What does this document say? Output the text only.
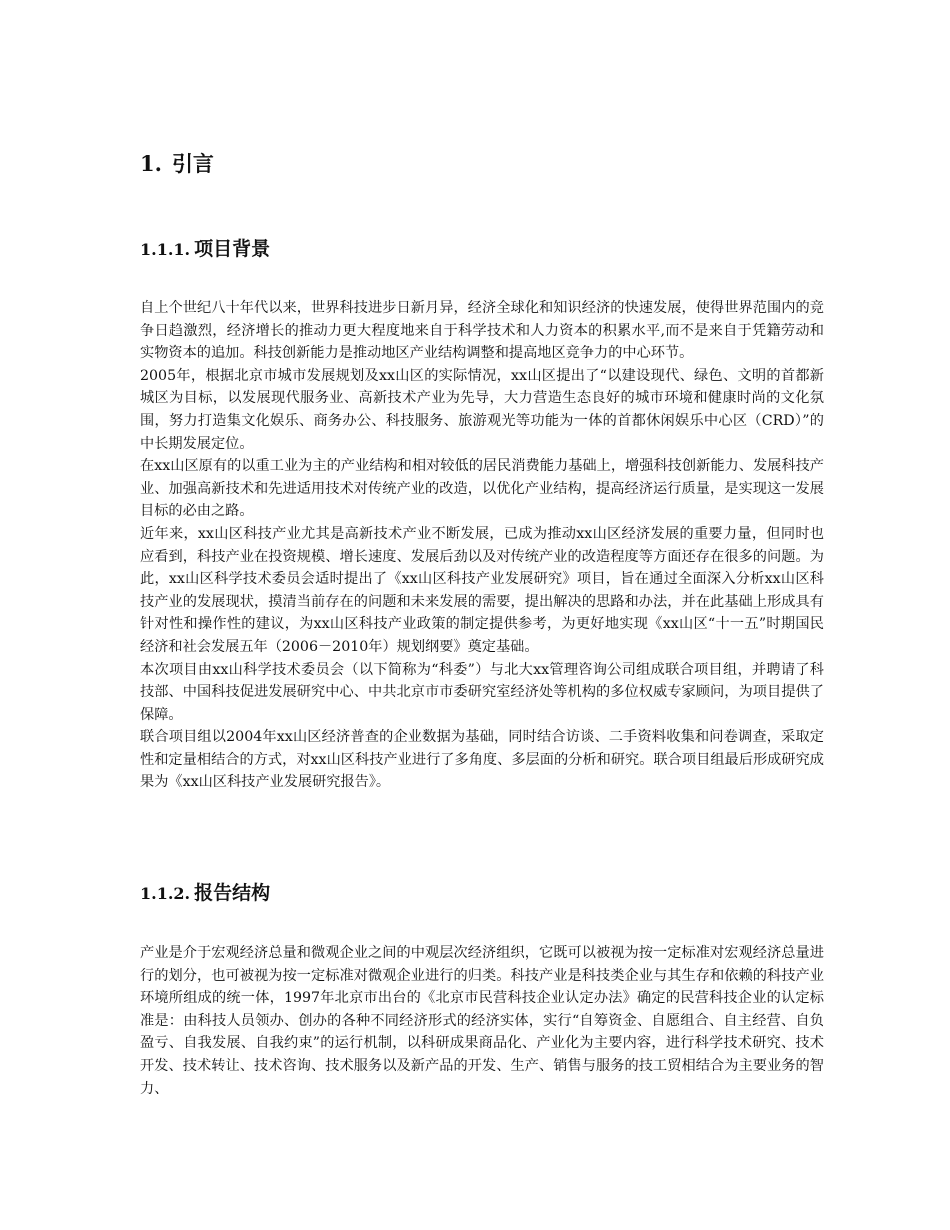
1. 引言
1.1.1. 项目背景

自上个世纪八十年代以来，世界科技进步日新月异，经济全球化和知识经济的快速发展，使得世界范围内的竞争日趋激烈，经济增长的推动力更大程度地来自于科学技术和人力资本的积累水平,而不是来自于凭籍劳动和实物资本的追加。科技创新能力是推动地区产业结构调整和提高地区竞争力的中心环节。

2005年，根据北京市城市发展规划及xx山区的实际情况，xx山区提出了“以建设现代、绿色、文明的首都新城区为目标，以发展现代服务业、高新技术产业为先导，大力营造生态良好的城市环境和健康时尚的文化氛围，努力打造集文化娱乐、商务办公、科技服务、旅游观光等功能为一体的首都休闲娱乐中心区（CRD）”的中长期发展定位。

在xx山区原有的以重工业为主的产业结构和相对较低的居民消费能力基础上，增强科技创新能力、发展科技产业、加强高新技术和先进适用技术对传统产业的改造，以优化产业结构，提高经济运行质量，是实现这一发展目标的必由之路。

近年来，xx山区科技产业尤其是高新技术产业不断发展，已成为推动xx山区经济发展的重要力量，但同时也应看到，科技产业在投资规模、增长速度、发展后劲以及对传统产业的改造程度等方面还存在很多的问题。为此，xx山区科学技术委员会适时提出了《xx山区科技产业发展研究》项目，旨在通过全面深入分析xx山区科技产业的发展现状，摸清当前存在的问题和未来发展的需要，提出解决的思路和办法，并在此基础上形成具有针对性和操作性的建议，为xx山区科技产业政策的制定提供参考，为更好地实现《xx山区“十一五”时期国民经济和社会发展五年（2006－2010年）规划纲要》奠定基础。

本次项目由xx山科学技术委员会（以下简称为“科委”）与北大xx管理咨询公司组成联合项目组，并聘请了科技部、中国科技促进发展研究中心、中共北京市市委研究室经济处等机构的多位权威专家顾问，为项目提供了保障。

联合项目组以2004年xx山区经济普查的企业数据为基础，同时结合访谈、二手资料收集和问卷调查，采取定性和定量相结合的方式，对xx山区科技产业进行了多角度、多层面的分析和研究。联合项目组最后形成研究成果为《xx山区科技产业发展研究报告》。

1.1.2. 报告结构

产业是介于宏观经济总量和微观企业之间的中观层次经济组织，它既可以被视为按一定标准对宏观经济总量进行的划分，也可被视为按一定标准对微观企业进行的归类。科技产业是科技类企业与其生存和依赖的科技产业环境所组成的统一体，1997年北京市出台的《北京市民营科技企业认定办法》确定的民营科技企业的认定标准是：由科技人员领办、创办的各种不同经济形式的经济实体，实行“自筹资金、自愿组合、自主经营、自负盈亏、自我发展、自我约束”的运行机制，以科研成果商品化、产业化为主要内容，进行科学技术研究、技术开发、技术转让、技术咨询、技术服务以及新产品的开发、生产、销售与服务的技工贸相结合为主要业务的智力、
